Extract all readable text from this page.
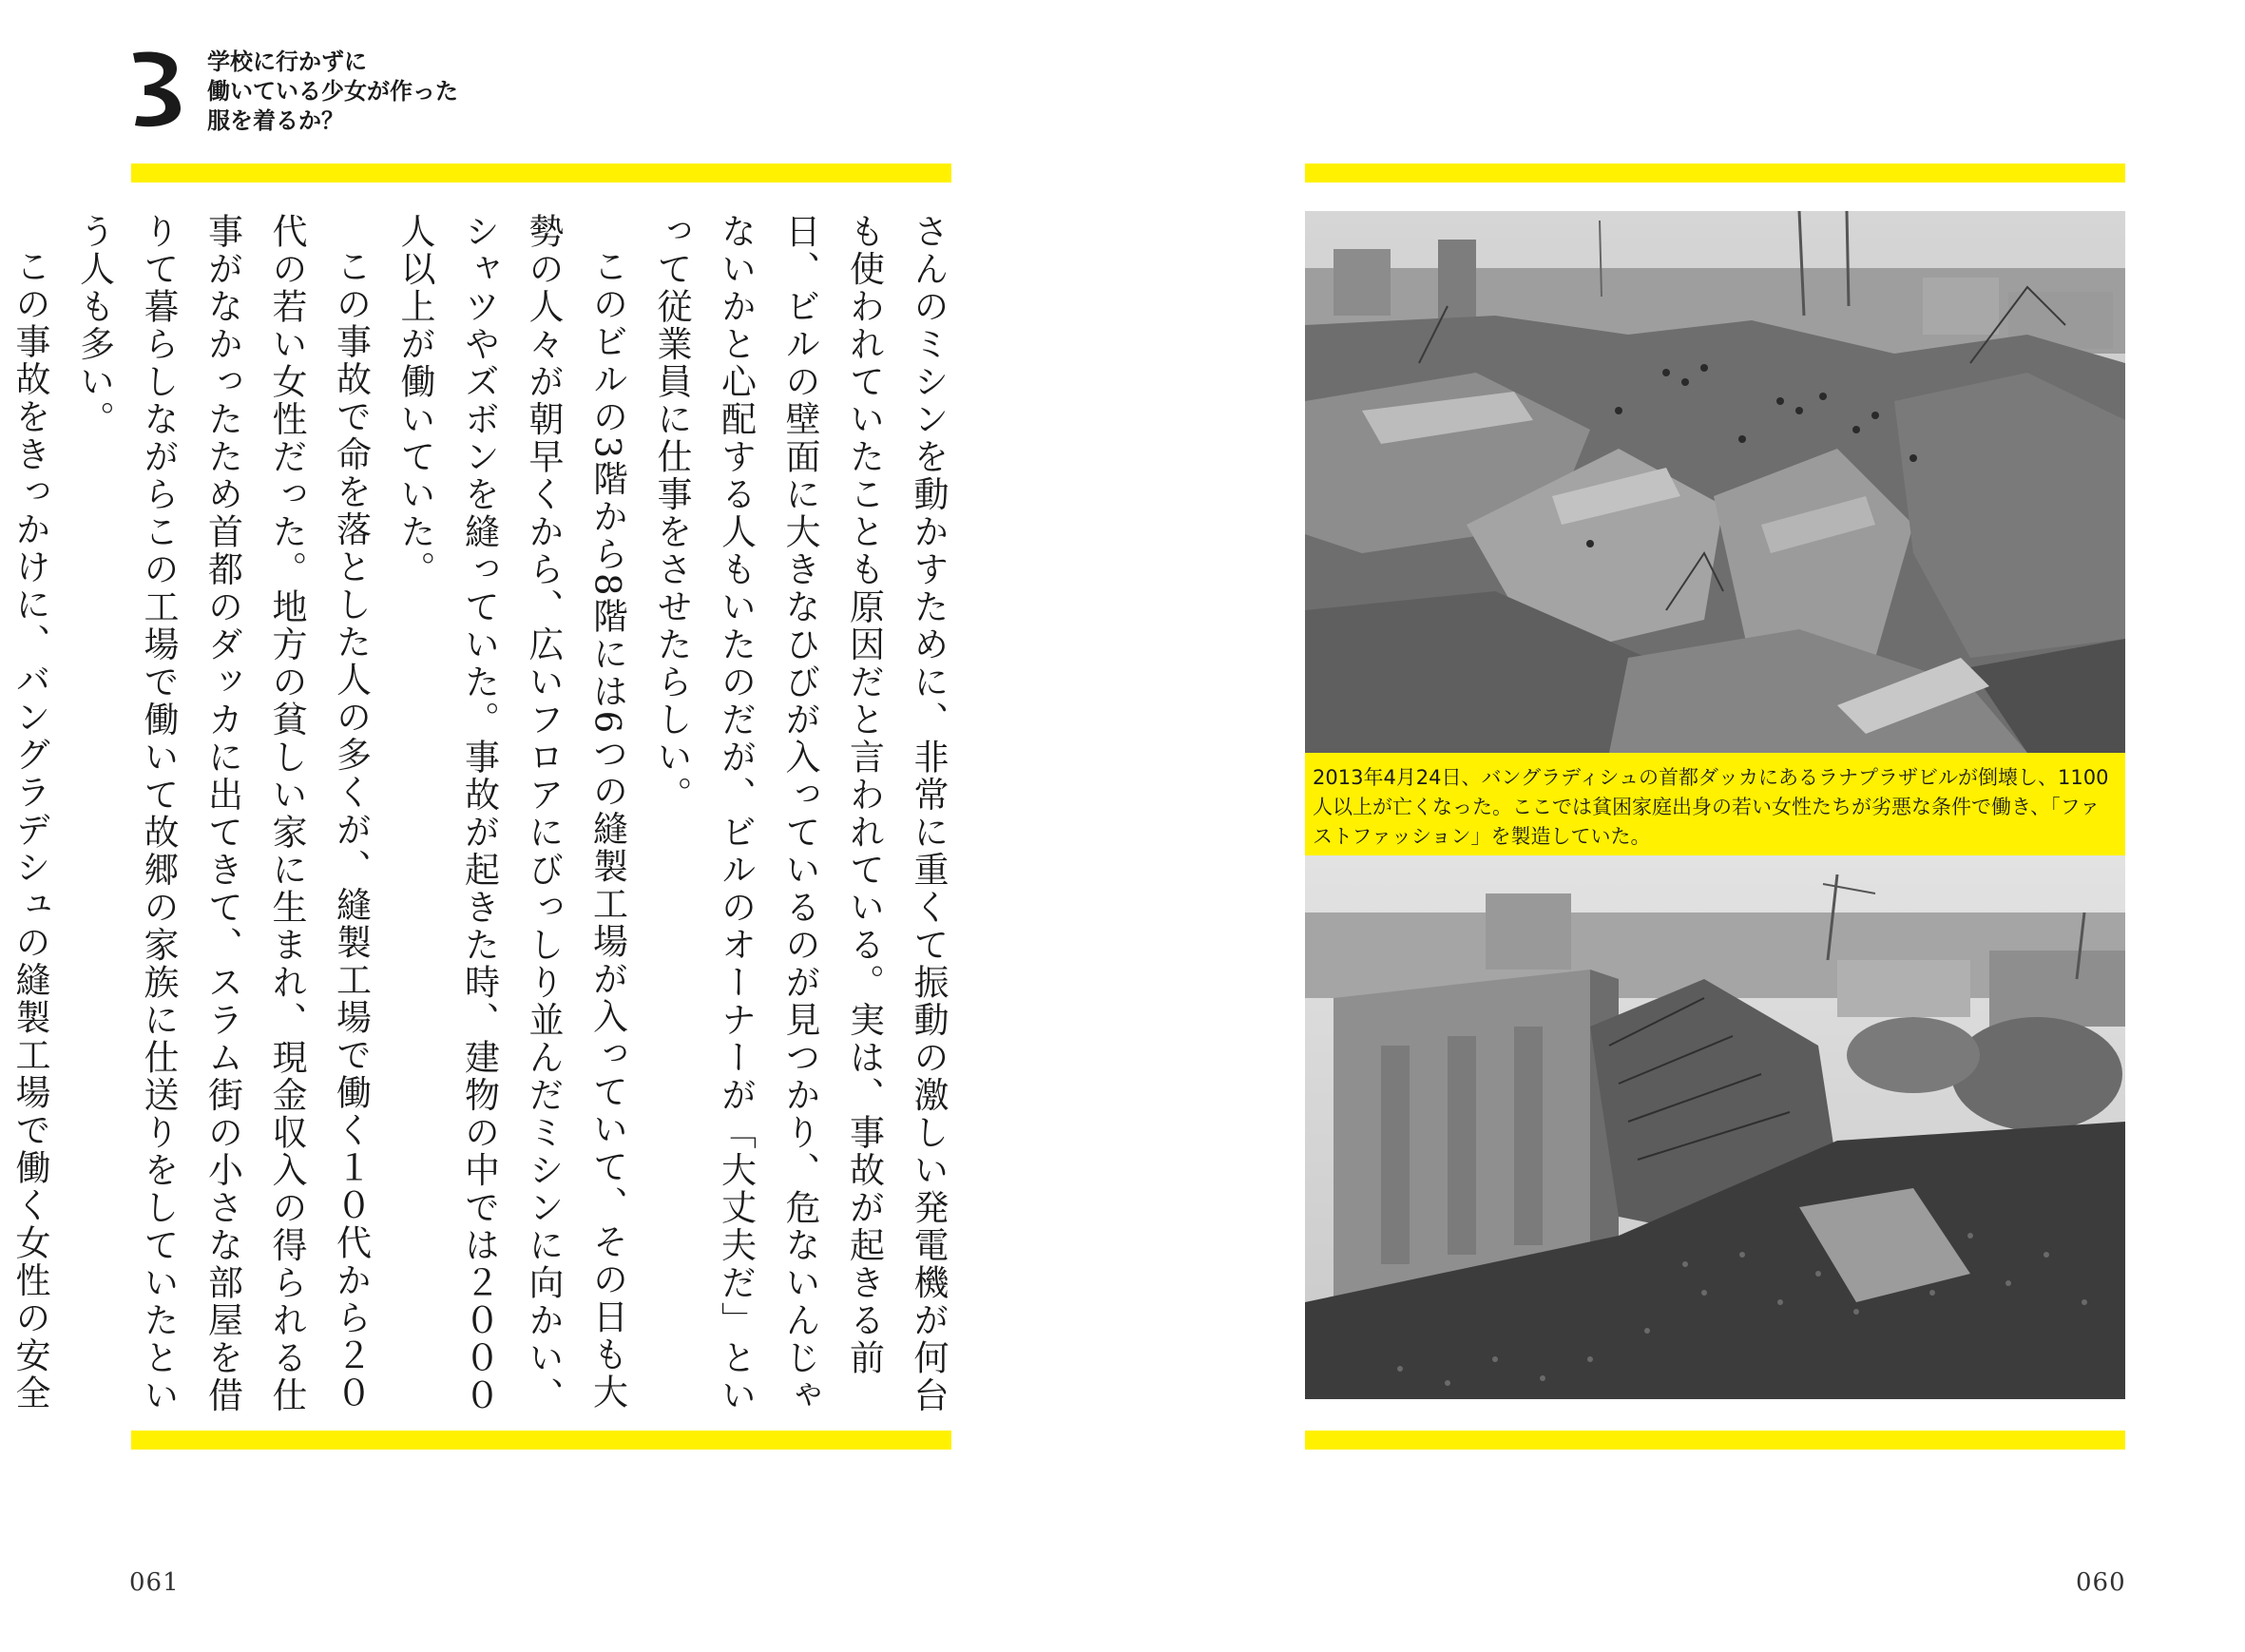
学校に行かずに
働いている少女が作った
服を着るか？

さんのミシンを動かすために、非常に重くて振動の激しい発電機が何台も使われていたことも原因だと言われている。実は、事故が起きる前日、ビルの壁面に大きなひびが入っているのが見つかり、危ないんじゃないかと心配する人もいたのだが、ビルのオーナーが「大丈夫だ」といって従業員に仕事をさせたらしい。

このビルの3階から8階には6つの縫製工場が入っていて、その日も大勢の人々が朝早くから、広いフロアにびっしり並んだミシンに向かい、シャツやズボンを縫っていた。事故が起きた時、建物の中では２０００人以上が働いていた。

この事故で命を落とした人の多くが、縫製工場で働く１０代から２０代の若い女性だった。地方の貧しい家に生まれ、現金収入の得られる仕事がなかったため首都のダッカに出てきて、スラム街の小さな部屋を借りて暮らしながらこの工場で働いて故郷の家族に仕送りをしていたという人も多い。

この事故をきっかけに、バングラデシュの縫製工場で働く女性の安全

2013年4月24日、バングラディシュの首都ダッカにあるラナプラザビルが倒壊し、1100人以上が亡くなった。ここでは貧困家庭出身の若い女性たちが劣悪な条件で働き、「ファストファッション」を製造していた。
061	060
